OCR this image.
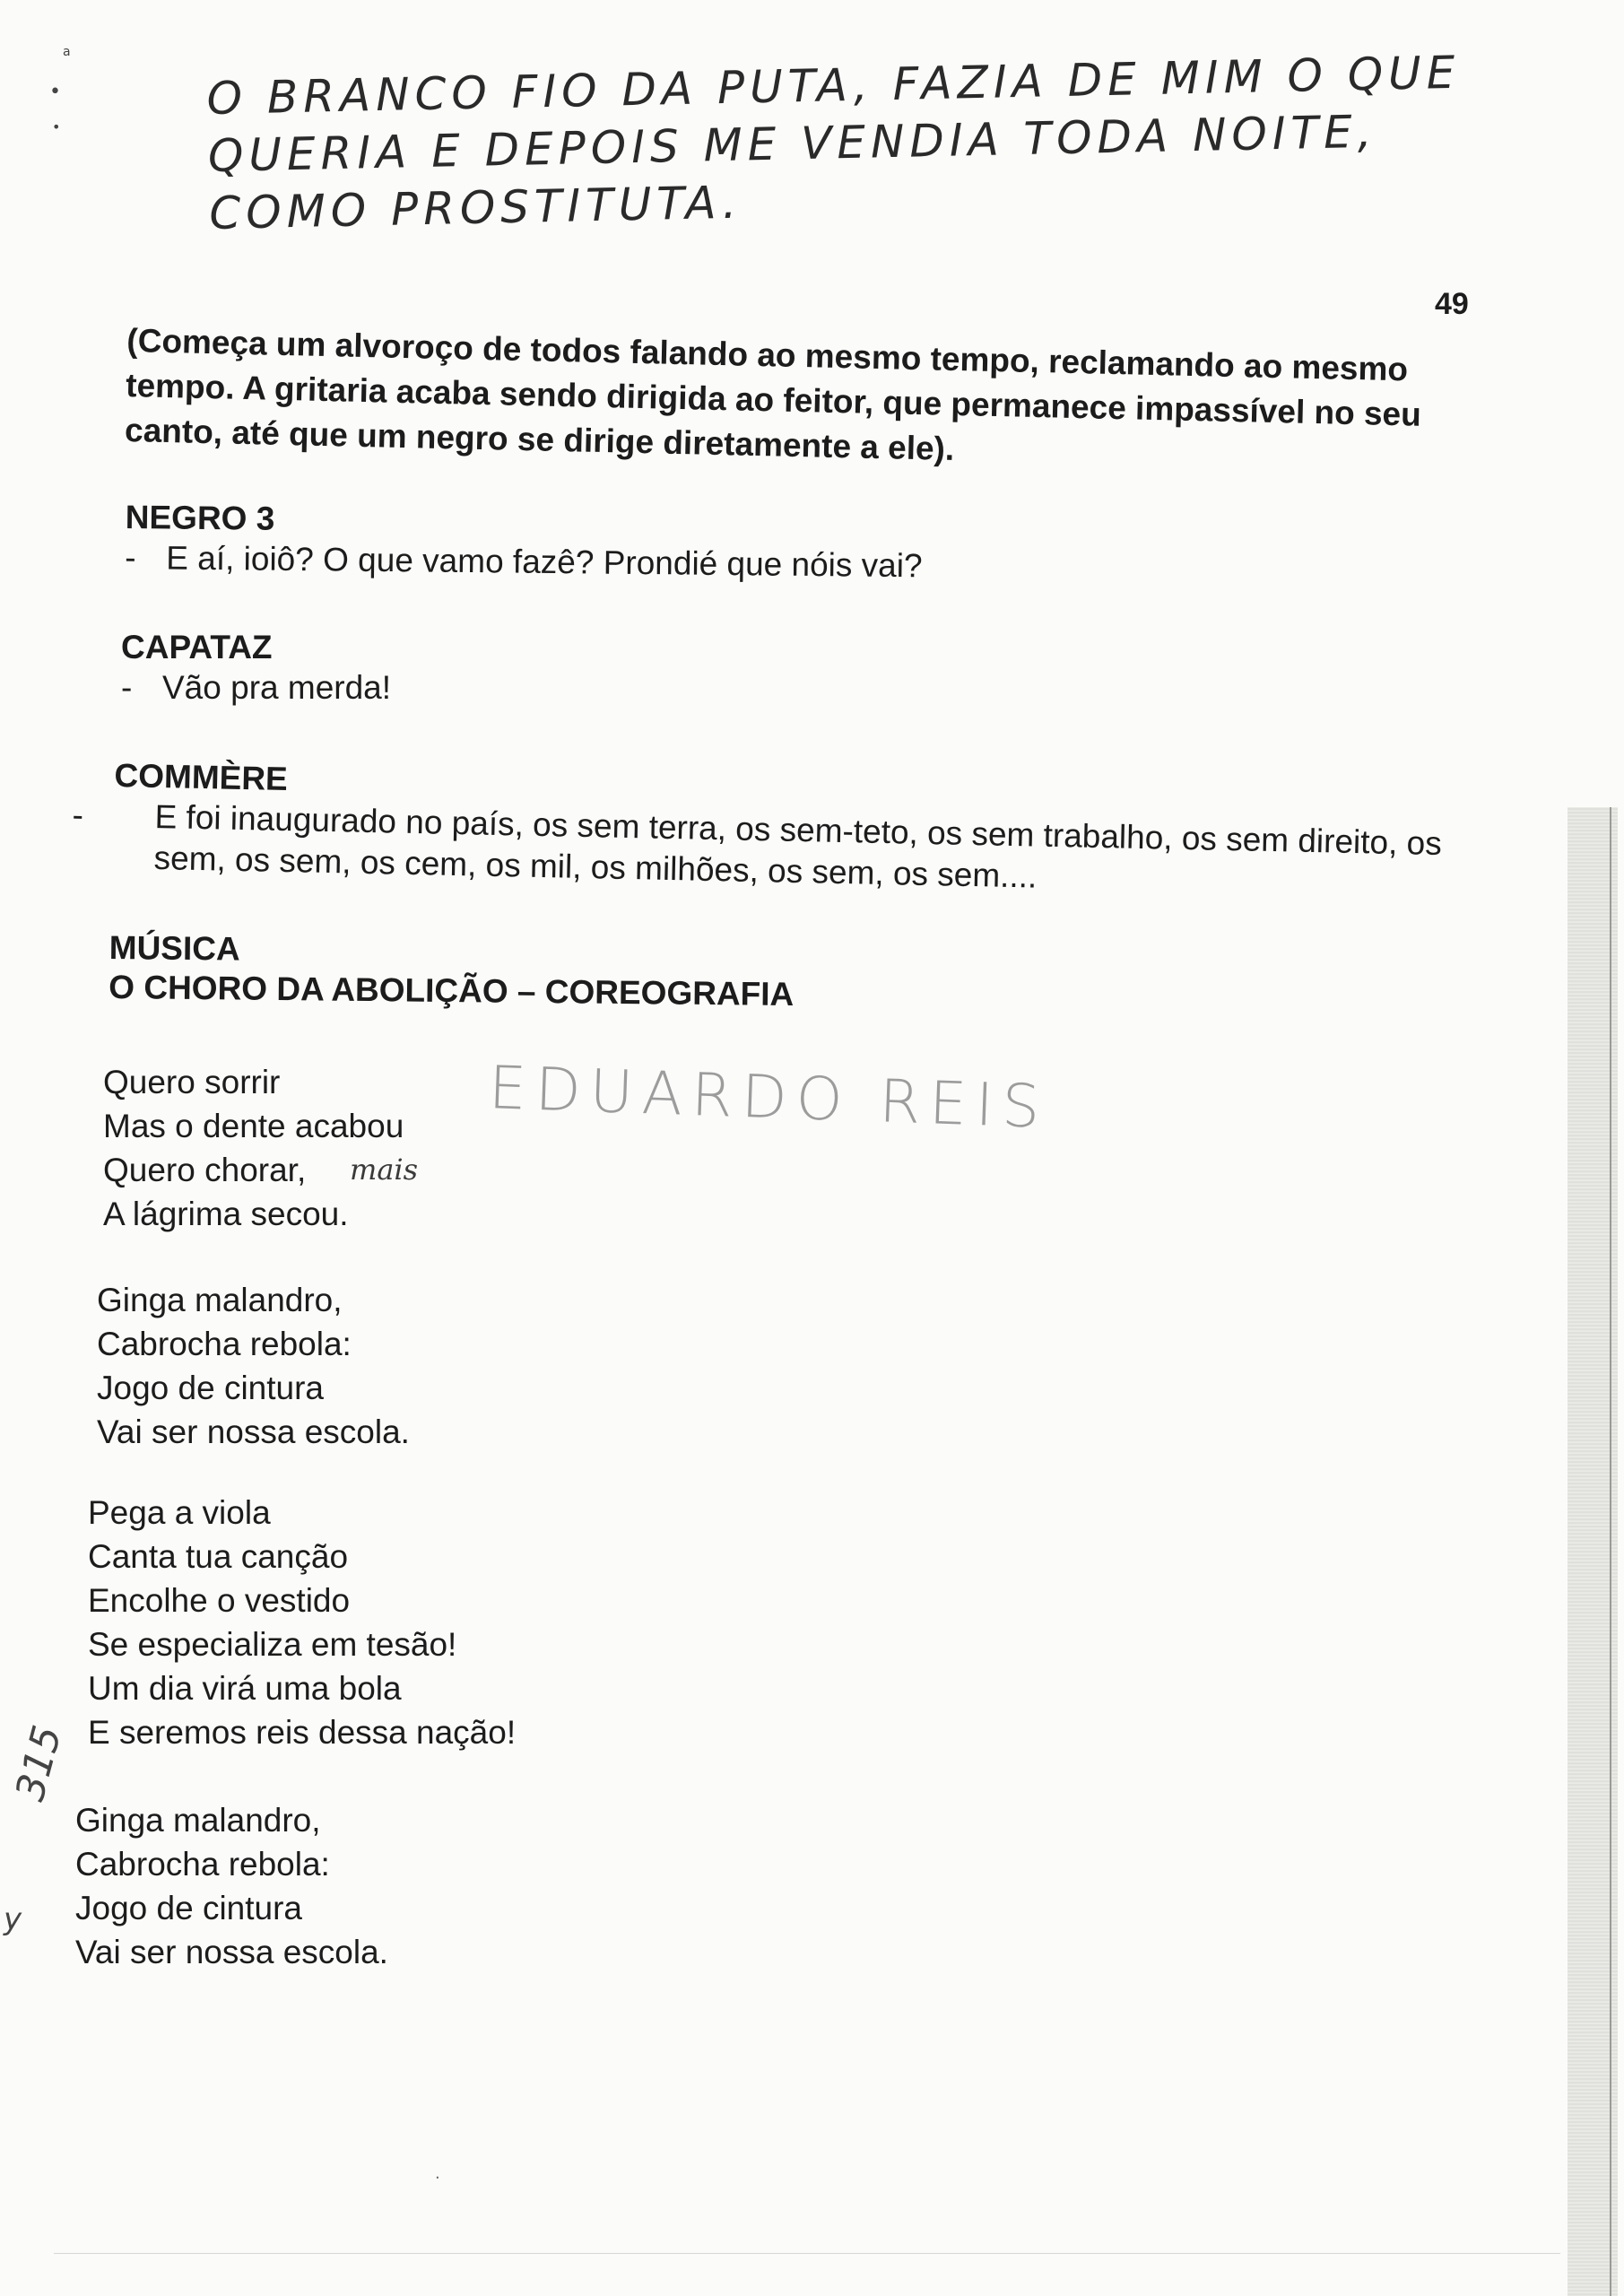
a
•
•
O BRANCO FIO DA PUTA, FAZIA DE MIM O QUE
QUERIA E DEPOIS ME VENDIA TODA NOITE,
COMO PROSTITUTA.
49
(Começa um alvoroço de todos falando ao mesmo tempo, reclamando ao mesmo tempo. A gritaria acaba sendo dirigida ao feitor, que permanece impassível no seu canto, até que um negro se dirige diretamente a ele).
NEGRO 3
- E aí, ioiô? O que vamo fazê? Prondié que nóis vai?
CAPATAZ
- Vão pra merda!
COMMÈRE
- E foi inaugurado no país, os sem terra, os sem-teto, os sem trabalho, os sem direito, os sem, os sem, os cem, os mil, os milhões, os sem, os sem....
MÚSICA
O CHORO DA ABOLIÇÃO – COREOGRAFIA
Quero sorrir
Mas o dente acabou
Quero chorar,
A lágrima secou.
EDUARDO REIS
mais
Ginga malandro,
Cabrocha rebola:
Jogo de cintura
Vai ser nossa escola.
Pega a viola
Canta tua canção
Encolhe o vestido
Se especializa em tesão!
Um dia virá uma bola
E seremos reis dessa nação!
315
y
Ginga malandro,
Cabrocha rebola:
Jogo de cintura
Vai ser nossa escola.
·
